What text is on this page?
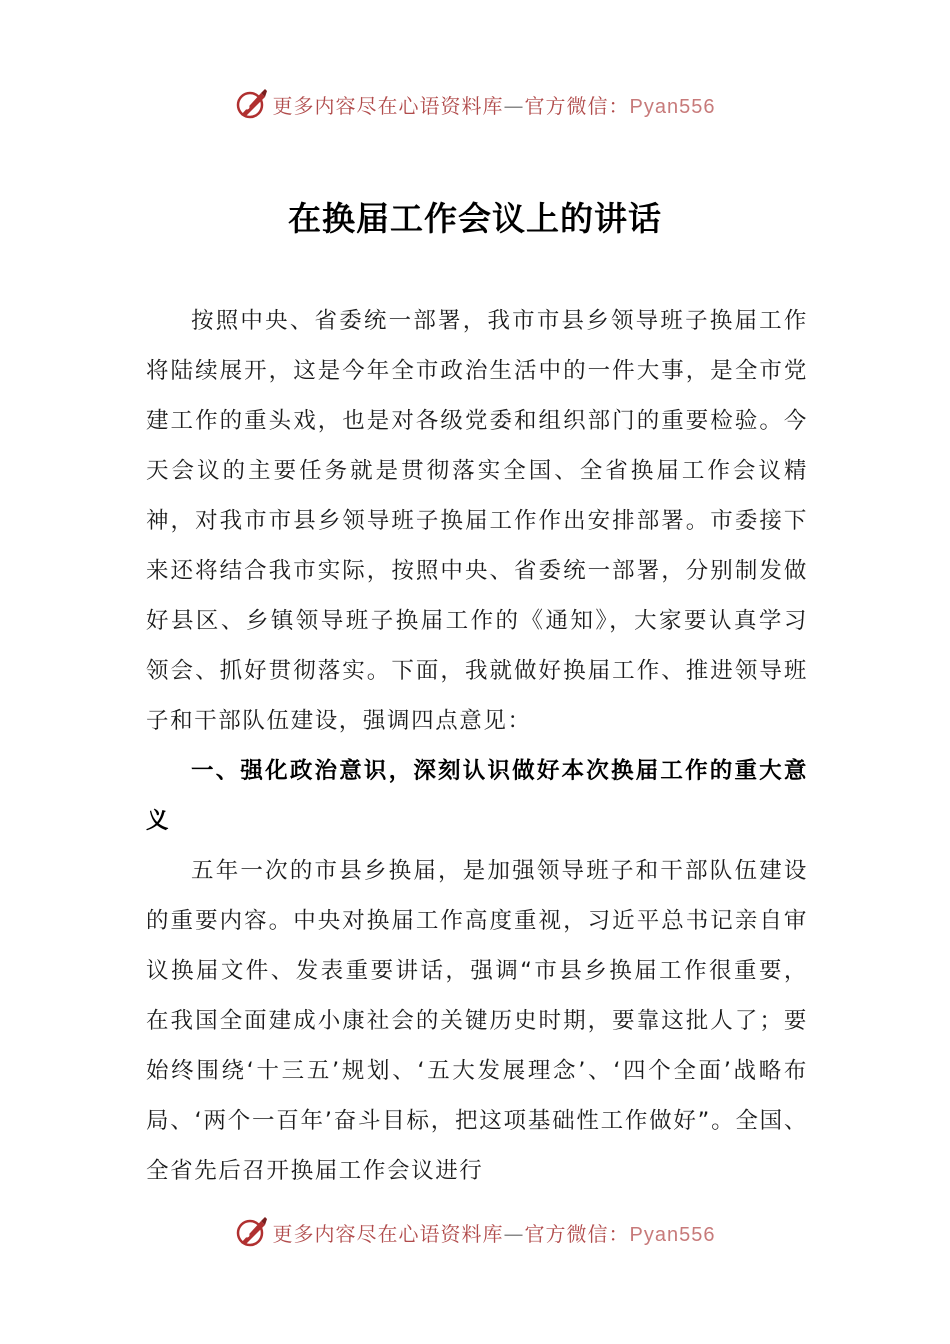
更多内容尽在心语资料库—官方微信：Pyan556
在换届工作会议上的讲话

按照中央、省委统一部署，我市市县乡领导班子换届工作将陆续展开，这是今年全市政治生活中的一件大事，是全市党建工作的重头戏，也是对各级党委和组织部门的重要检验。今天会议的主要任务就是贯彻落实全国、全省换届工作会议精神，对我市市县乡领导班子换届工作作出安排部署。市委接下来还将结合我市实际，按照中央、省委统一部署，分别制发做好县区、乡镇领导班子换届工作的《通知》，大家要认真学习领会、抓好贯彻落实。下面，我就做好换届工作、推进领导班子和干部队伍建设，强调四点意见：

一、强化政治意识，深刻认识做好本次换届工作的重大意义

五年一次的市县乡换届，是加强领导班子和干部队伍建设的重要内容。中央对换届工作高度重视，习近平总书记亲自审议换届文件、发表重要讲话，强调“市县乡换届工作很重要，在我国全面建成小康社会的关键历史时期，要靠这批人了；要始终围绕‘十三五’规划、‘五大发展理念’、‘四个全面’战略布局、‘两个一百年’奋斗目标，把这项基础性工作做好”。全国、全省先后召开换届工作会议进行

更多内容尽在心语资料库—官方微信：Pyan556
